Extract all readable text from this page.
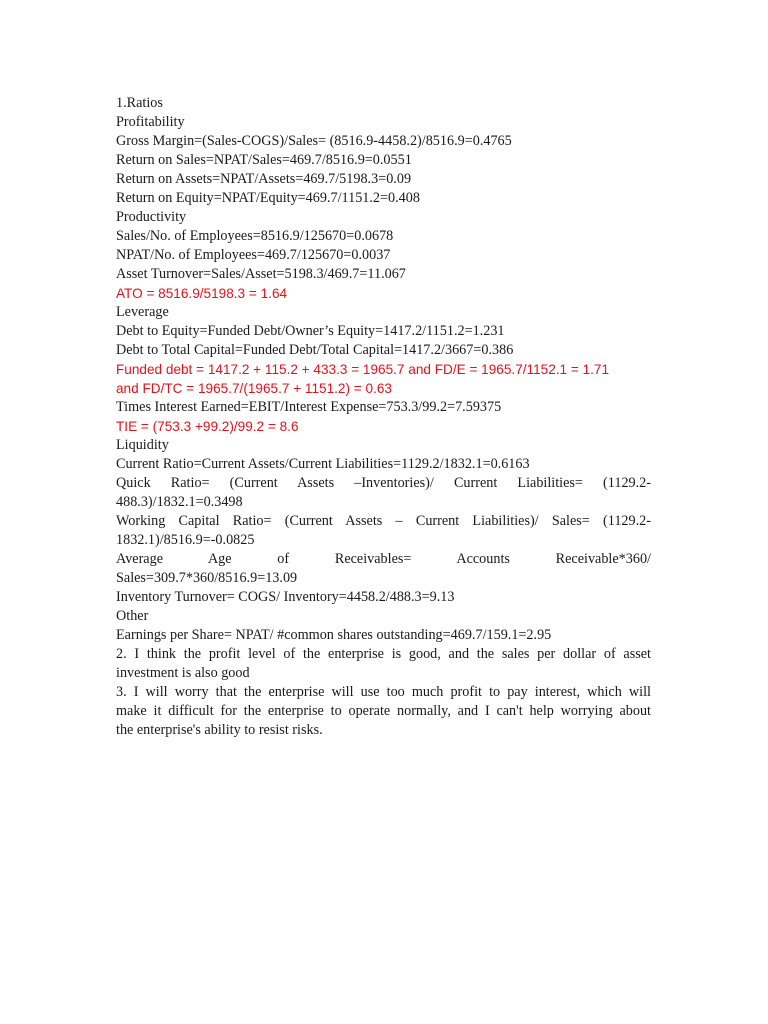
1.Ratios
Profitability
Gross Margin=(Sales-COGS)/Sales= (8516.9-4458.2)/8516.9=0.4765
Return on Sales=NPAT/Sales=469.7/8516.9=0.0551
Return on Assets=NPAT/Assets=469.7/5198.3=0.09
Return on Equity=NPAT/Equity=469.7/1151.2=0.408
Productivity
Sales/No. of Employees=8516.9/125670=0.0678
NPAT/No. of Employees=469.7/125670=0.0037
Asset Turnover=Sales/Asset=5198.3/469.7=11.067
ATO = 8516.9/5198.3 = 1.64
Leverage
Debt to Equity=Funded Debt/Owner’s Equity=1417.2/1151.2=1.231
Debt to Total Capital=Funded Debt/Total Capital=1417.2/3667=0.386
Funded debt = 1417.2 + 115.2 + 433.3 = 1965.7 and FD/E = 1965.7/1152.1 = 1.71
and FD/TC = 1965.7/(1965.7 + 1151.2) = 0.63
Times Interest Earned=EBIT/Interest Expense=753.3/99.2=7.59375
TIE = (753.3 +99.2)/99.2 = 8.6
Liquidity
Current Ratio=Current Assets/Current Liabilities=1129.2/1832.1=0.6163
Quick Ratio= (Current Assets –Inventories)/ Current Liabilities= (1129.2-
488.3)/1832.1=0.3498
Working Capital Ratio= (Current Assets – Current Liabilities)/ Sales= (1129.2-
1832.1)/8516.9=-0.0825
Average Age of Receivables= Accounts Receivable*360/
Sales=309.7*360/8516.9=13.09
Inventory Turnover= COGS/ Inventory=4458.2/488.3=9.13
Other
Earnings per Share= NPAT/ #common shares outstanding=469.7/159.1=2.95
2. I think the profit level of the enterprise is good, and the sales per dollar of asset
investment is also good
3. I will worry that the enterprise will use too much profit to pay interest, which will
make it difficult for the enterprise to operate normally, and I can't help worrying about
the enterprise's ability to resist risks.
